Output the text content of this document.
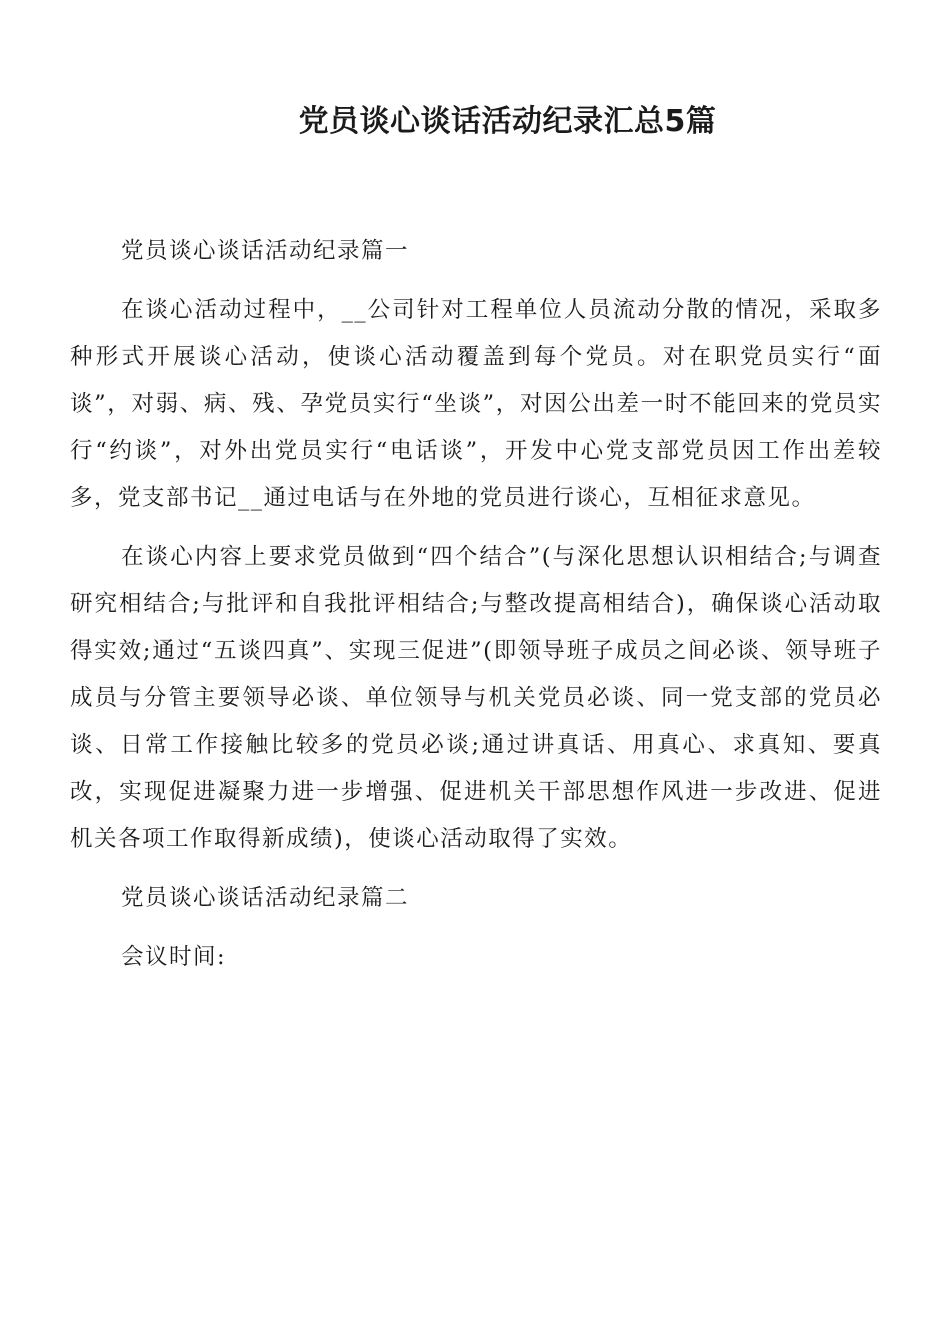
党员谈心谈话活动纪录汇总5篇

党员谈心谈话活动纪录篇一

在谈心活动过程中，__公司针对工程单位人员流动分散的情况，采取多种形式开展谈心活动，使谈心活动覆盖到每个党员。对在职党员实行“面谈”，对弱、病、残、孕党员实行“坐谈”，对因公出差一时不能回来的党员实行“约谈”，对外出党员实行“电话谈”，开发中心党支部党员因工作出差较多，党支部书记__通过电话与在外地的党员进行谈心，互相征求意见。

在谈心内容上要求党员做到“四个结合”(与深化思想认识相结合;与调查研究相结合;与批评和自我批评相结合;与整改提高相结合)，确保谈心活动取得实效;通过“五谈四真”、实现三促进”(即领导班子成员之间必谈、领导班子成员与分管主要领导必谈、单位领导与机关党员必谈、同一党支部的党员必谈、日常工作接触比较多的党员必谈;通过讲真话、用真心、求真知、要真改，实现促进凝聚力进一步增强、促进机关干部思想作风进一步改进、促进机关各项工作取得新成绩)，使谈心活动取得了实效。

党员谈心谈话活动纪录篇二

会议时间:
